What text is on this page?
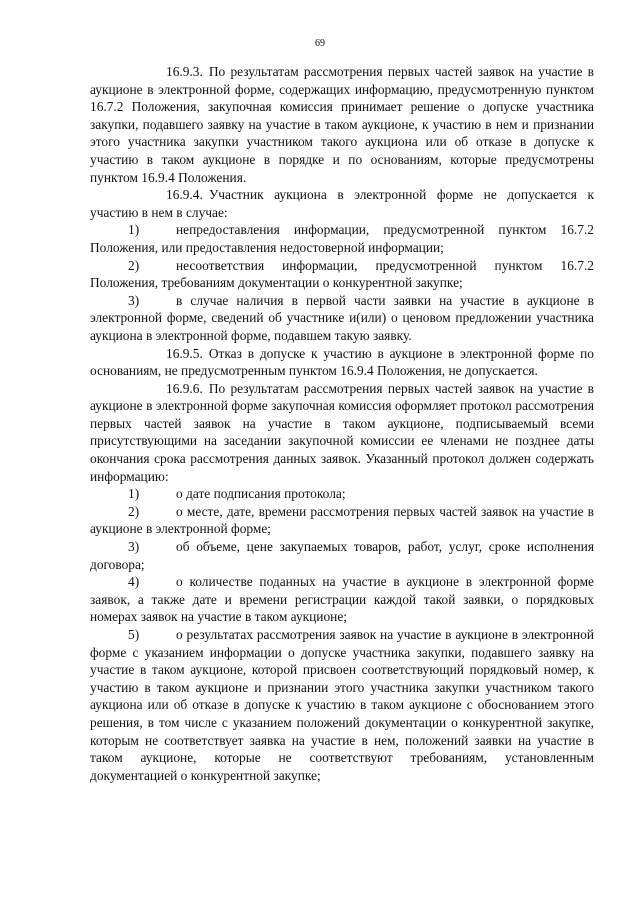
69

16.9.3. По результатам рассмотрения первых частей заявок на участие в аукционе в электронной форме, содержащих информацию, предусмотренную пунктом 16.7.2 Положения, закупочная комиссия принимает решение о допуске участника закупки, подавшего заявку на участие в таком аукционе, к участию в нем и признании этого участника закупки участником такого аукциона или об отказе в допуске к участию в таком аукционе в порядке и по основаниям, которые предусмотрены пунктом 16.9.4 Положения.

16.9.4. Участник аукциона в электронной форме не допускается к участию в нем в случае:

1)	непредоставления информации, предусмотренной пунктом 16.7.2 Положения, или предоставления недостоверной информации;

2)	несоответствия информации, предусмотренной пунктом 16.7.2 Положения, требованиям документации о конкурентной закупке;

3)	в случае наличия в первой части заявки на участие в аукционе в электронной форме, сведений об участнике и(или) о ценовом предложении участника аукциона в электронной форме, подавшем такую заявку.

16.9.5. Отказ в допуске к участию в аукционе в электронной форме по основаниям, не предусмотренным пунктом 16.9.4 Положения, не допускается.

16.9.6. По результатам рассмотрения первых частей заявок на участие в аукционе в электронной форме закупочная комиссия оформляет протокол рассмотрения первых частей заявок на участие в таком аукционе, подписываемый всеми присутствующими на заседании закупочной комиссии ее членами не позднее даты окончания срока рассмотрения данных заявок. Указанный протокол должен содержать информацию:

1)	о дате подписания протокола;

2)	о месте, дате, времени рассмотрения первых частей заявок на участие в аукционе в электронной форме;

3)	об объеме, цене закупаемых товаров, работ, услуг, сроке исполнения договора;

4)	о количестве поданных на участие в аукционе в электронной форме заявок, а также дате и времени регистрации каждой такой заявки, о порядковых номерах заявок на участие в таком аукционе;

5)	о результатах рассмотрения заявок на участие в аукционе в электронной форме с указанием информации о допуске участника закупки, подавшего заявку на участие в таком аукционе, которой присвоен соответствующий порядковый номер, к участию в таком аукционе и признании этого участника закупки участником такого аукциона или об отказе в допуске к участию в таком аукционе с обоснованием этого решения, в том числе с указанием положений документации о конкурентной закупке, которым не соответствует заявка на участие в нем, положений заявки на участие в таком аукционе, которые не соответствуют требованиям, установленным документацией о конкурентной закупке;
